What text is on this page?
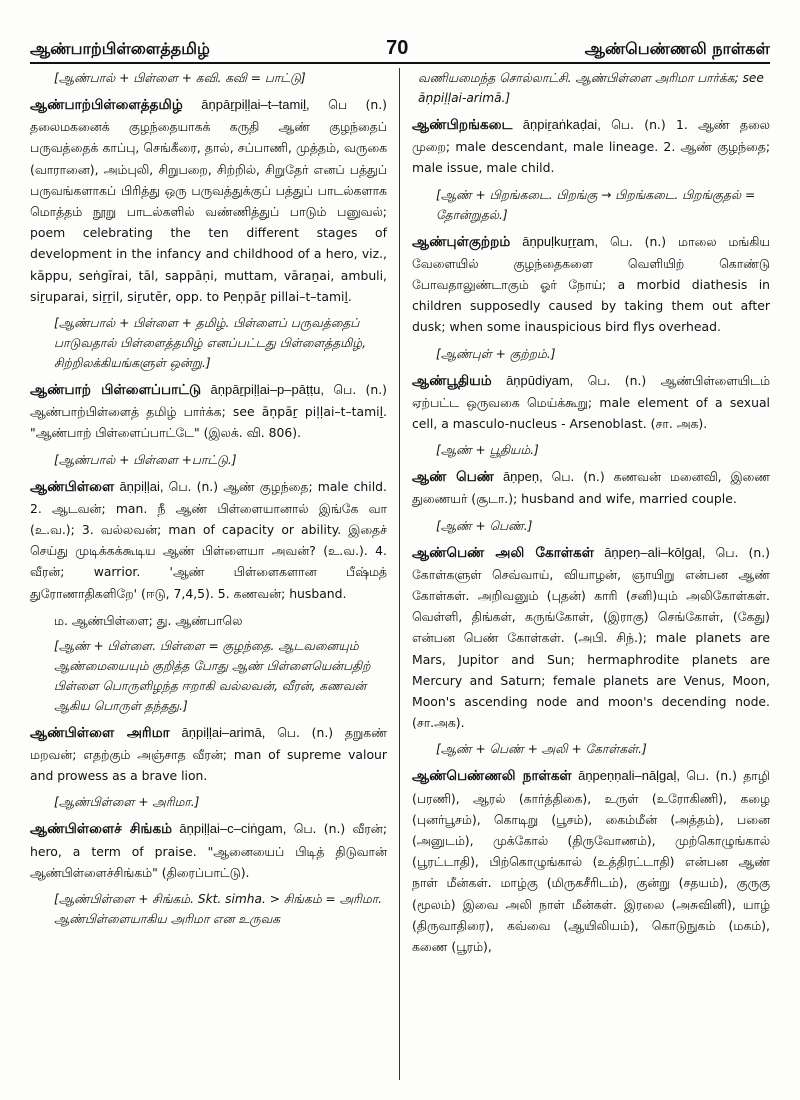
ஆண்பாற்பிள்ளைத்தமிழ்	70	ஆண்பெண்ணலி நாள்கள்

[ஆண்பால் + பிள்ளை + கவி. கவி = பாட்டு]

ஆண்பாற்பிள்ளைத்தமிழ் āṇpāṟpiḷḷai–t–tamiḻ, பெ (n.) தலைமகனைக் குழந்தையாகக் கருதி ஆண் குழந்தைப் பருவத்தைக் காப்பு, செங்கீரை, தால், சப்பாணி, முத்தம், வருகை (வாரானை), அம்புலி, சிறுபறை, சிற்றில், சிறுதேர் எனப் பத்துப் பருவங்களாகப் பிரித்து ஒரு பருவத்துக்குப் பத்துப் பாடல்களாக மொத்தம் நூறு பாடல்களில் வண்ணித்துப் பாடும் பனுவல்; poem celebrating the ten different stages of development in the infancy and childhood of a hero, viz., kāppu, seṅgīrai, tāl, sappāṇi, muttam, vāraṉai, ambuli, siṟuparai, siṟṟil, siṟutēr, opp. to Peṇpāṟ pillai–t–tamiḻ.

[ஆண்பால் + பிள்ளை + தமிழ். பிள்ளைப் பருவத்தைப் பாடுவதால் பிள்ளைத்தமிழ் எனப்பட்டது பிள்ளைத்தமிழ், சிற்றிலக்கியங்களுள் ஒன்று.]

ஆண்பாற் பிள்ளைப்பாட்டு āṇpāṟpiḷḷai–p–pāṭṭu, பெ. (n.) ஆண்பாற்பிள்ளைத் தமிழ் பார்க்க; see āṇpāṟ piḷḷai–t–tamiḻ. "ஆண்பாற் பிள்ளைப்பாட்டே" (இலக். வி. 806).

[ஆண்பால் + பிள்ளை +பாட்டு.]

ஆண்பிள்ளை āṇpiḷḷai, பெ. (n.) ஆண் குழந்தை; male child. 2. ஆடவன்; man. நீ ஆண் பிள்ளையானால் இங்கே வா (உ.வ.); 3. வல்லவன்; man of capacity or ability. இதைச் செய்து முடிக்கக்கூடிய ஆண் பிள்ளையா அவன்? (உ.வ.). 4. வீரன்; warrior. 'ஆண் பிள்ளைகளான பீஷ்மத் துரோணாதிகளிறே' (ஈடு, 7,4,5). 5. கணவன்; husband.

ம. ஆண்பிள்ளை; து. ஆண்பாலெ

[ஆண் + பிள்ளை. பிள்ளை = குழந்தை. ஆடவனையும் ஆண்மையையும் குறித்த போது ஆண் பிள்ளையென்பதிற் பிள்ளை பொருளிழந்த ஈறாகி வல்லவன், வீரன், கணவன் ஆகிய பொருள் தந்தது.]

ஆண்பிள்ளை அரிமா āṇpiḷḷai–arimā, பெ. (n.) தறுகண் மறவன்; எதற்கும் அஞ்சாத வீரன்; man of supreme valour and prowess as a brave lion.

[ஆண்பிள்ளை + அரிமா.]

ஆண்பிள்ளைச் சிங்கம் āṇpiḷḷai–c–ciṅgam, பெ. (n.) வீரன்; hero, a term of praise. "ஆனையைப் பிடித் திடுவான் ஆண்பிள்ளைச்சிங்கம்" (திரைப்பாட்டு).

[ஆண்பிள்ளை + சிங்கம். Skt. simha. > சிங்கம் = அரிமா. ஆண்பிள்ளையாகிய அரிமா என உருவக

வணியமைந்த சொல்லாட்சி. ஆண்பிள்ளை அரிமா பார்க்க; see āṇpiḷḷai-arimā.]

ஆண்பிறங்கடை āṇpiṟaṅkaḍai, பெ. (n.) 1. ஆண் தலை முறை; male descendant, male lineage. 2. ஆண் குழந்தை; male issue, male child.

[ஆண் + பிறங்கடை. பிறங்கு → பிறங்கடை. பிறங்குதல் = தோன்றுதல்.]

ஆண்புள்குற்றம் āṇpuḷkuṟṟam, பெ. (n.) மாலை மங்கிய வேளையில் குழந்தைகளை வெளியிற் கொண்டு போவதாலுண்டாகும் ஓர் நோய்; a morbid diathesis in children supposedly caused by taking them out after dusk; when some inauspicious bird flys overhead.

[ஆண்புள் + குற்றம்.]

ஆண்பூதியம் āṇpūdiyam, பெ. (n.) ஆண்பிள்ளையிடம் ஏற்பட்ட ஒருவகை மெய்க்கூறு; male element of a sexual cell, a masculo-nucleus - Arsenoblast. (சா. அக).

[ஆண் + பூதியம்.]

ஆண் பெண் āṇpeṇ, பெ. (n.) கணவன் மனைவி, இணை துணையர் (சூடா.); husband and wife, married couple.

[ஆண் + பெண்.]

ஆண்பெண் அலி கோள்கள் āṇpeṇ–ali–kōḷgaḷ, பெ. (n.) கோள்களுள் செவ்வாய், வியாழன், ஞாயிறு என்பன ஆண் கோள்கள். அறிவனும் (புதன்) காரி (சனி)யும் அலிகோள்கள். வெள்ளி, திங்கள், கருங்கோள், (இராகு) செங்கோள், (கேது) என்பன பெண் கோள்கள். (அபி. சிந்.); male planets are Mars, Jupitor and Sun; hermaphrodite planets are Mercury and Saturn; female planets are Venus, Moon, Moon's ascending node and moon's decending node. (சா.அக).

[ஆண் + பெண் + அலி + கோள்கள்.]

ஆண்பெண்ணலி நாள்கள் āṇpeṇṇali–nāḷgaḷ, பெ. (n.) தாழி (பரணி), ஆரல் (கார்த்திகை), உருள் (உரோகிணி), கழை (புனர்பூசம்), கொடிறு (பூசம்), கைம்மீன் (அத்தம்), பனை (அனுடம்), முக்கோல் (திருவோணம்), முற்கொழுங்கால் (பூரட்டாதி), பிற்கொழுங்கால் (உத்திரட்டாதி) என்பன ஆண் நாள் மீன்கள். மாழ்கு (மிருகசீரிடம்), குன்று (சதயம்), குருகு (மூலம்) இவை அலி நாள் மீன்கள். இரலை (அசுவினி), யாழ் (திருவாதிரை), கவ்வை (ஆயிலியம்), கொடுநுகம் (மகம்), கணை (பூரம்),
